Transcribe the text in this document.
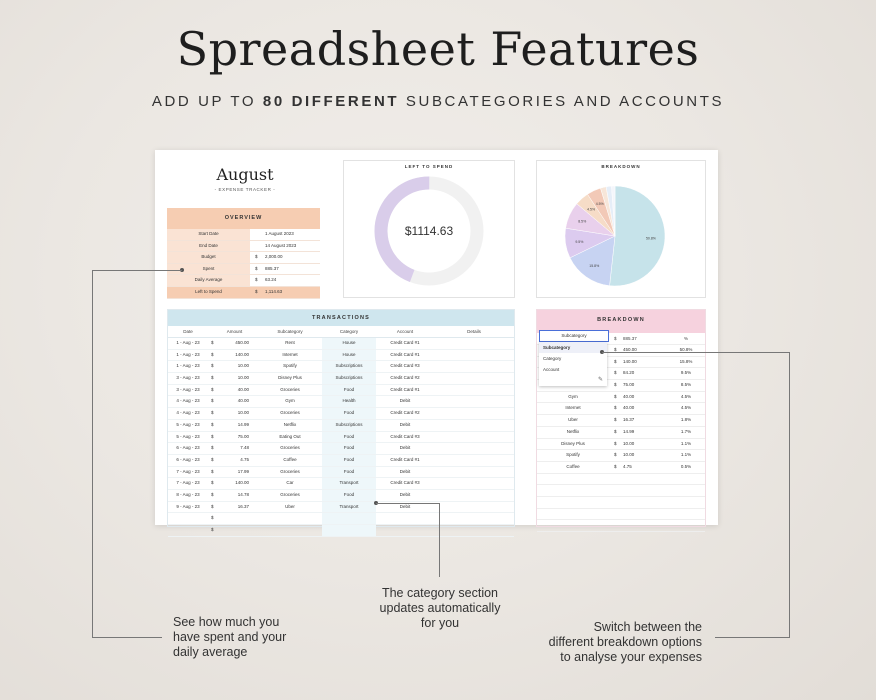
Spreadsheet Features
ADD UP TO 80 DIFFERENT SUBCATEGORIES AND ACCOUNTS
August
- EXPENSE TRACKER -
OVERVIEW
Start Date	1 August 2023
End Date	14 August 2023
Budget	$	2,000.00
Spent	$	885.37
Daily Average	$	63.24
Left to Spend	$	1,114.63
LEFT TO SPEND
$1114.63
BREAKDOWN
50.8%
15.8%
9.5%
8.5%
4.5%
4.5%
TRANSACTIONS
Date	Amount	Subcategory	Category	Account	Details
1 - Aug - 23	$	450.00	Rent	House	Credit Card #1
1 - Aug - 23	$	140.00	Internet	House	Credit Card #1
1 - Aug - 23	$	10.00	Spotify	Subscriptions	Credit Card #3
3 - Aug - 23	$	10.00	Disney Plus	Subscriptions	Credit Card #2
3 - Aug - 23	$	40.00	Groceries	Food	Credit Card #1
4 - Aug - 23	$	40.00	Gym	Health	Debit
4 - Aug - 23	$	10.00	Groceries	Food	Credit Card #2
5 - Aug - 23	$	14.99	Netflix	Subscriptions	Debit
5 - Aug - 23	$	75.00	Eating Out	Food	Credit Card #3
6 - Aug - 23	$	7.48	Groceries	Food	Debit
6 - Aug - 23	$	4.75	Coffee	Food	Credit Card #1
7 - Aug - 23	$	17.99	Groceries	Food	Debit
7 - Aug - 23	$	140.00	Car	Transport	Credit Card #3
8 - Aug - 23	$	14.78	Groceries	Food	Debit
9 - Aug - 23	$	16.37	Uber	Transport	Debit
$
$
BREAKDOWN
$	885.37	%
$	450.00	50.8%
$	140.00	15.8%
$	84.20	9.5%
$	75.00	8.5%
Gym	$	40.00	4.5%
Internet	$	40.00	4.5%
Uber	$	16.37	1.8%
Netflix	$	14.99	1.7%
Disney Plus	$	10.00	1.1%
Spotify	$	10.00	1.1%
Coffee	$	4.75	0.5%
Subcategory
Subcategory
Category
Account
✎
See how much you
have spent and your
daily average
The category section
updates automatically
for you	Switch between the
different breakdown options
to analyse your expenses
